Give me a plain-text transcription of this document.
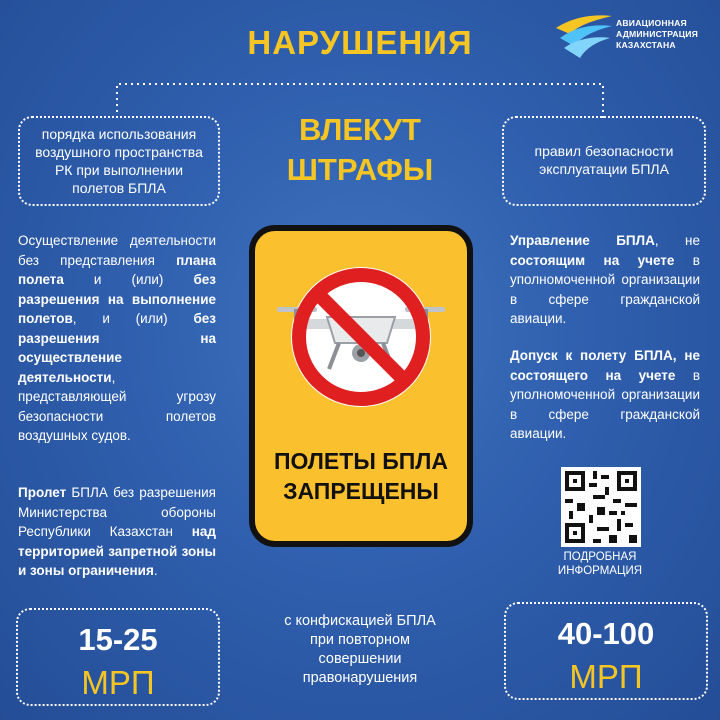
АВИАЦИОННАЯ
АДМИНИСТРАЦИЯ
КАЗАХСТАНА
НАРУШЕНИЯ
порядка использования
воздушного пространства
РК при выполнении
полетов БПЛА
правил безопасности
эксплуатации БПЛА
ВЛЕКУТ
ШТРАФЫ
Осуществление деятельности без представления плана полета и (или) без разрешения на выполнение полетов, и (или) без разрешения на осуществление деятельности, представляющей угрозу безопасности полетов воздушных судов.
Пролет БПЛА без разрешения Министерства обороны Республики Казахстан над территорией запретной зоны и зоны ограничения.
Управление БПЛА, не состоящим на учете в уполномоченной организации в сфере гражданской авиации.
Допуск к полету БПЛА, не состоящего на учете в уполномоченной организации в сфере гражданской авиации.
ПОЛЕТЫ БПЛА
ЗАПРЕЩЕНЫ
ПОДРОБНАЯ
ИНФОРМАЦИЯ
15-25
МРП
40-100
МРП
с конфискацией БПЛА
при повторном
совершении
правонарушения
